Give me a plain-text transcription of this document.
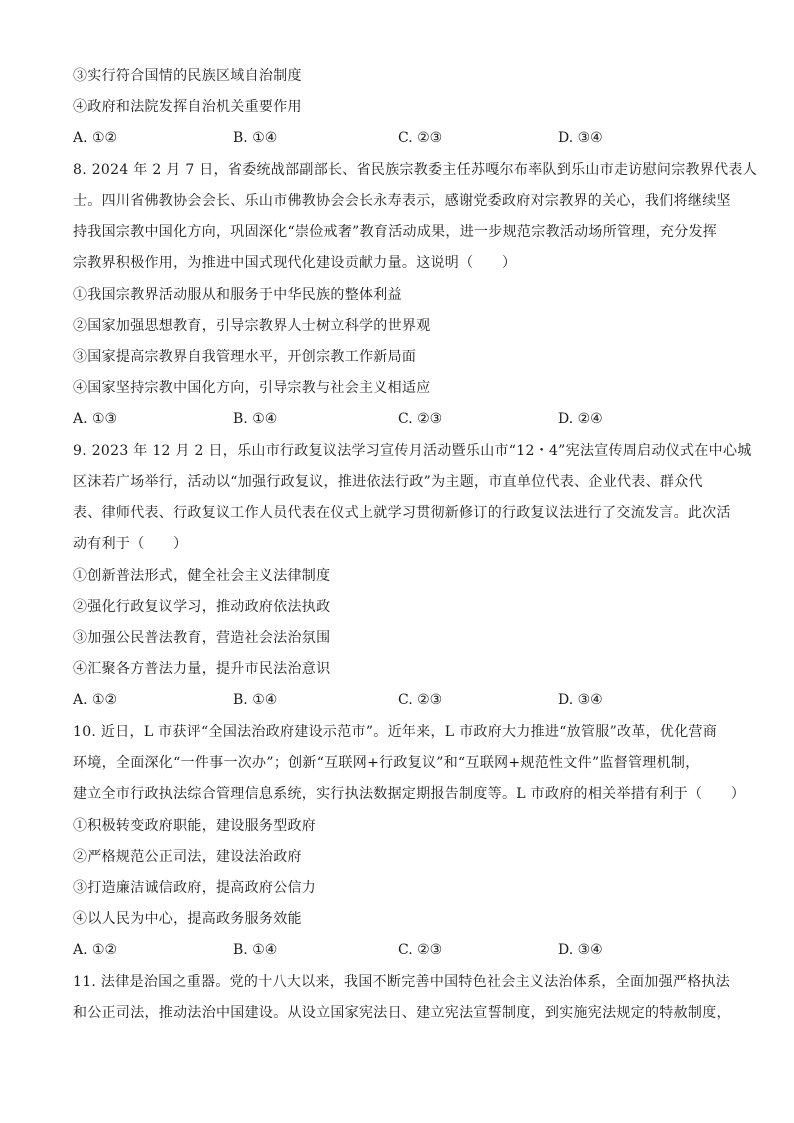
③实行符合国情的民族区域自治制度
④政府和法院发挥自治机关重要作用
A. ①②	B. ①④	C. ②③	D. ③④
8. 2024 年 2 月 7 日，省委统战部副部长、省民族宗教委主任苏嘎尔布率队到乐山市走访慰问宗教界代表人
士。四川省佛教协会会长、乐山市佛教协会会长永寿表示，感谢党委政府对宗教界的关心，我们将继续坚
持我国宗教中国化方向，巩固深化“崇俭戒奢”教育活动成果，进一步规范宗教活动场所管理，充分发挥
宗教界积极作用，为推进中国式现代化建设贡献力量。这说明（　　）
①我国宗教界活动服从和服务于中华民族的整体利益
②国家加强思想教育，引导宗教界人士树立科学的世界观
③国家提高宗教界自我管理水平，开创宗教工作新局面
④国家坚持宗教中国化方向，引导宗教与社会主义相适应
A. ①③	B. ①④	C. ②③	D. ②④
9. 2023 年 12 月 2 日，乐山市行政复议法学习宣传月活动暨乐山市“12・4”宪法宣传周启动仪式在中心城
区沫若广场举行，活动以“加强行政复议，推进依法行政”为主题，市直单位代表、企业代表、群众代
表、律师代表、行政复议工作人员代表在仪式上就学习贯彻新修订的行政复议法进行了交流发言。此次活
动有利于（　　）
①创新普法形式，健全社会主义法律制度
②强化行政复议学习，推动政府依法执政
③加强公民普法教育，营造社会法治氛围
④汇聚各方普法力量，提升市民法治意识
A. ①②	B. ①④	C. ②③	D. ③④
10. 近日，L 市获评“全国法治政府建设示范市”。近年来，L 市政府大力推进“放管服”改革，优化营商
环境，全面深化“一件事一次办”；创新“互联网+行政复议”和“互联网+规范性文件”监督管理机制，
建立全市行政执法综合管理信息系统，实行执法数据定期报告制度等。L 市政府的相关举措有利于（　　）
①积极转变政府职能，建设服务型政府
②严格规范公正司法，建设法治政府
③打造廉洁诚信政府，提高政府公信力
④以人民为中心，提高政务服务效能
A. ①②	B. ①④	C. ②③	D. ③④
11. 法律是治国之重器。党的十八大以来，我国不断完善中国特色社会主义法治体系，全面加强严格执法
和公正司法，推动法治中国建设。从设立国家宪法日、建立宪法宣誓制度，到实施宪法规定的特赦制度，
